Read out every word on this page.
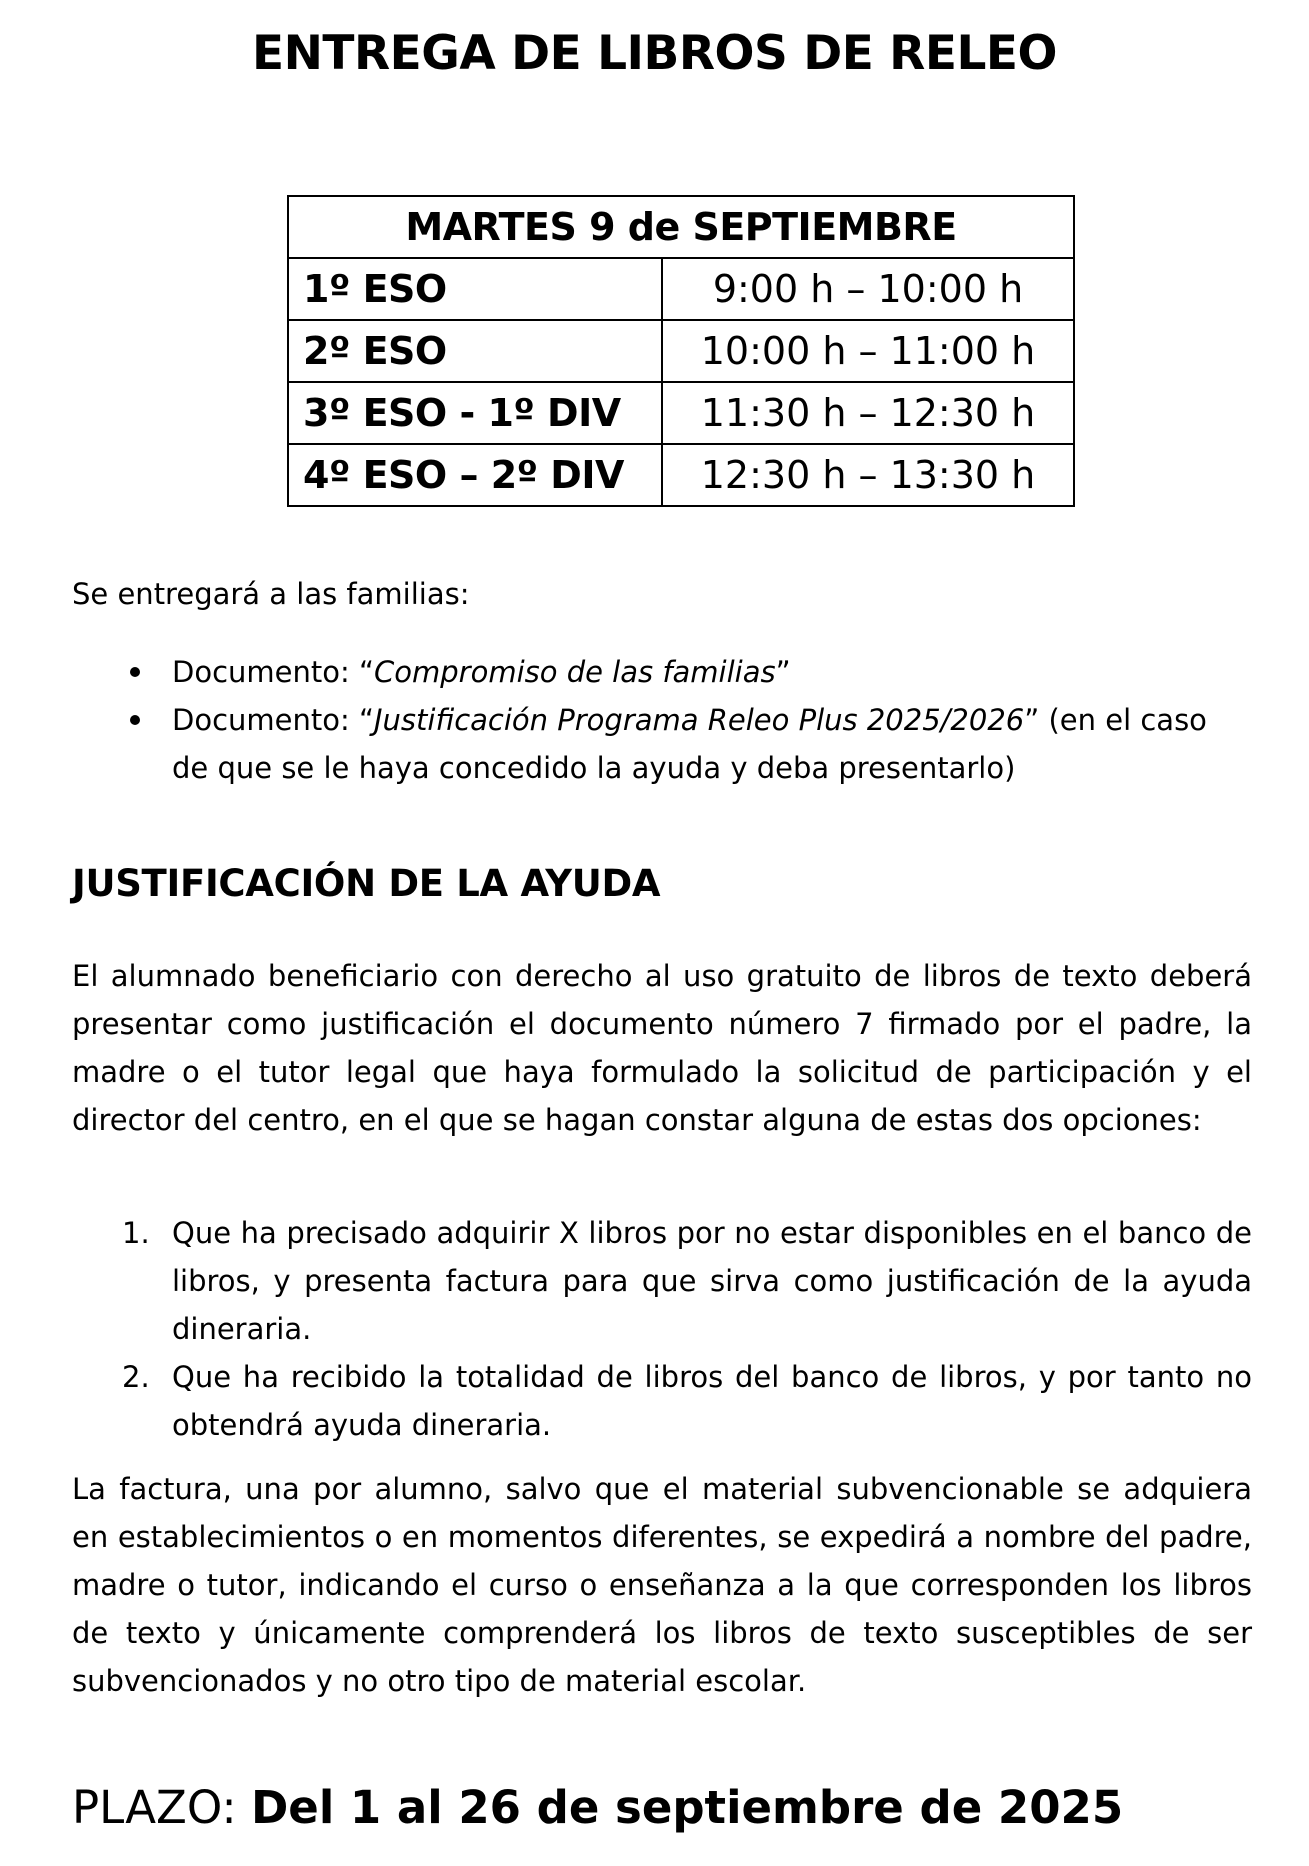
ENTREGA DE LIBROS DE RELEO
MARTES 9 de SEPTIEMBRE	
1º ESO	9:00 h – 10:00 h
2º ESO	10:00 h – 11:00 h
3º ESO - 1º DIV	11:30 h – 12:30 h
4º ESO – 2º DIV	12:30 h – 13:30 h

Se entregará a las familias:

Documento: “Compromiso de las familias”
Documento: “Justificación Programa Releo Plus 2025/2026” (en el caso de que se le haya concedido la ayuda y deba presentarlo)
JUSTIFICACIÓN DE LA AYUDA

El alumnado beneficiario con derecho al uso gratuito de libros de texto deberá presentar como justificación el documento número 7 firmado por el padre, la madre o el tutor legal que haya formulado la solicitud de participación y el director del centro, en el que se hagan constar alguna de estas dos opciones:

1. Que ha precisado adquirir X libros por no estar disponibles en el banco de libros, y presenta factura para que sirva como justificación de la ayuda dineraria.
2. Que ha recibido la totalidad de libros del banco de libros, y por tanto no obtendrá ayuda dineraria.

La factura, una por alumno, salvo que el material subvencionable se adquiera en establecimientos o en momentos diferentes, se expedirá a nombre del padre, madre o tutor, indicando el curso o enseñanza a la que corresponden los libros de texto y únicamente comprenderá los libros de texto susceptibles de ser subvencionados y no otro tipo de material escolar.

PLAZO: Del 1 al 26 de septiembre de 2025
